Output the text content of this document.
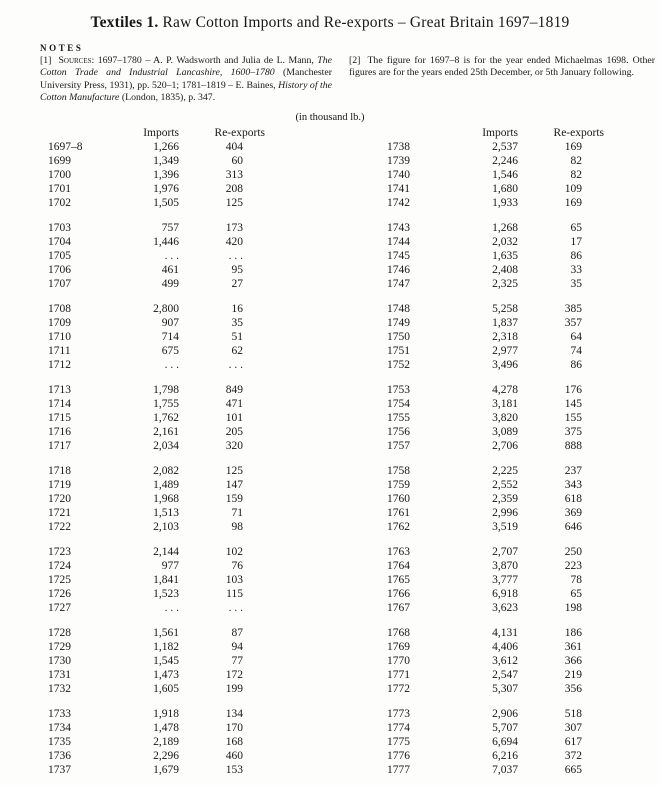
Textiles 1. Raw Cotton Imports and Re-exports – Great Britain 1697–1819
NOTES
[1] Sources: 1697–1780 – A. P. Wadsworth and Julia de L. Mann, The Cotton Trade and Industrial Lancashire, 1600–1780 (Manchester University Press, 1931), pp. 520–1; 1781–1819 – E. Baines, History of the Cotton Manufacture (London, 1835), p. 347.
[2] The figure for 1697–8 is for the year ended Michaelmas 1698. Other figures are for the years ended 25th December, or 5th January following.
(in thousand lb.)
Imports	Re-exports
1697–8	1,266	404
1699	1,349	60
1700	1,396	313
1701	1,976	208
1702	1,505	125
1703	757	173
1704	1,446	420
1705	. . .	. . .
1706	461	95
1707	499	27
1708	2,800	16
1709	907	35
1710	714	51
1711	675	62
1712	. . .	. . .
1713	1,798	849
1714	1,755	471
1715	1,762	101
1716	2,161	205
1717	2,034	320
1718	2,082	125
1719	1,489	147
1720	1,968	159
1721	1,513	71
1722	2,103	98
1723	2,144	102
1724	977	76
1725	1,841	103
1726	1,523	115
1727	. . .	. . .
1728	1,561	87
1729	1,182	94
1730	1,545	77
1731	1,473	172
1732	1,605	199
1733	1,918	134
1734	1,478	170
1735	2,189	168
1736	2,296	460
1737	1,679	153
Imports	Re-exports
1738	2,537	169
1739	2,246	82
1740	1,546	82
1741	1,680	109
1742	1,933	169
1743	1,268	65
1744	2,032	17
1745	1,635	86
1746	2,408	33
1747	2,325	35
1748	5,258	385
1749	1,837	357
1750	2,318	64
1751	2,977	74
1752	3,496	86
1753	4,278	176
1754	3,181	145
1755	3,820	155
1756	3,089	375
1757	2,706	888
1758	2,225	237
1759	2,552	343
1760	2,359	618
1761	2,996	369
1762	3,519	646
1763	2,707	250
1764	3,870	223
1765	3,777	78
1766	6,918	65
1767	3,623	198
1768	4,131	186
1769	4,406	361
1770	3,612	366
1771	2,547	219
1772	5,307	356
1773	2,906	518
1774	5,707	307
1775	6,694	617
1776	6,216	372
1777	7,037	665
